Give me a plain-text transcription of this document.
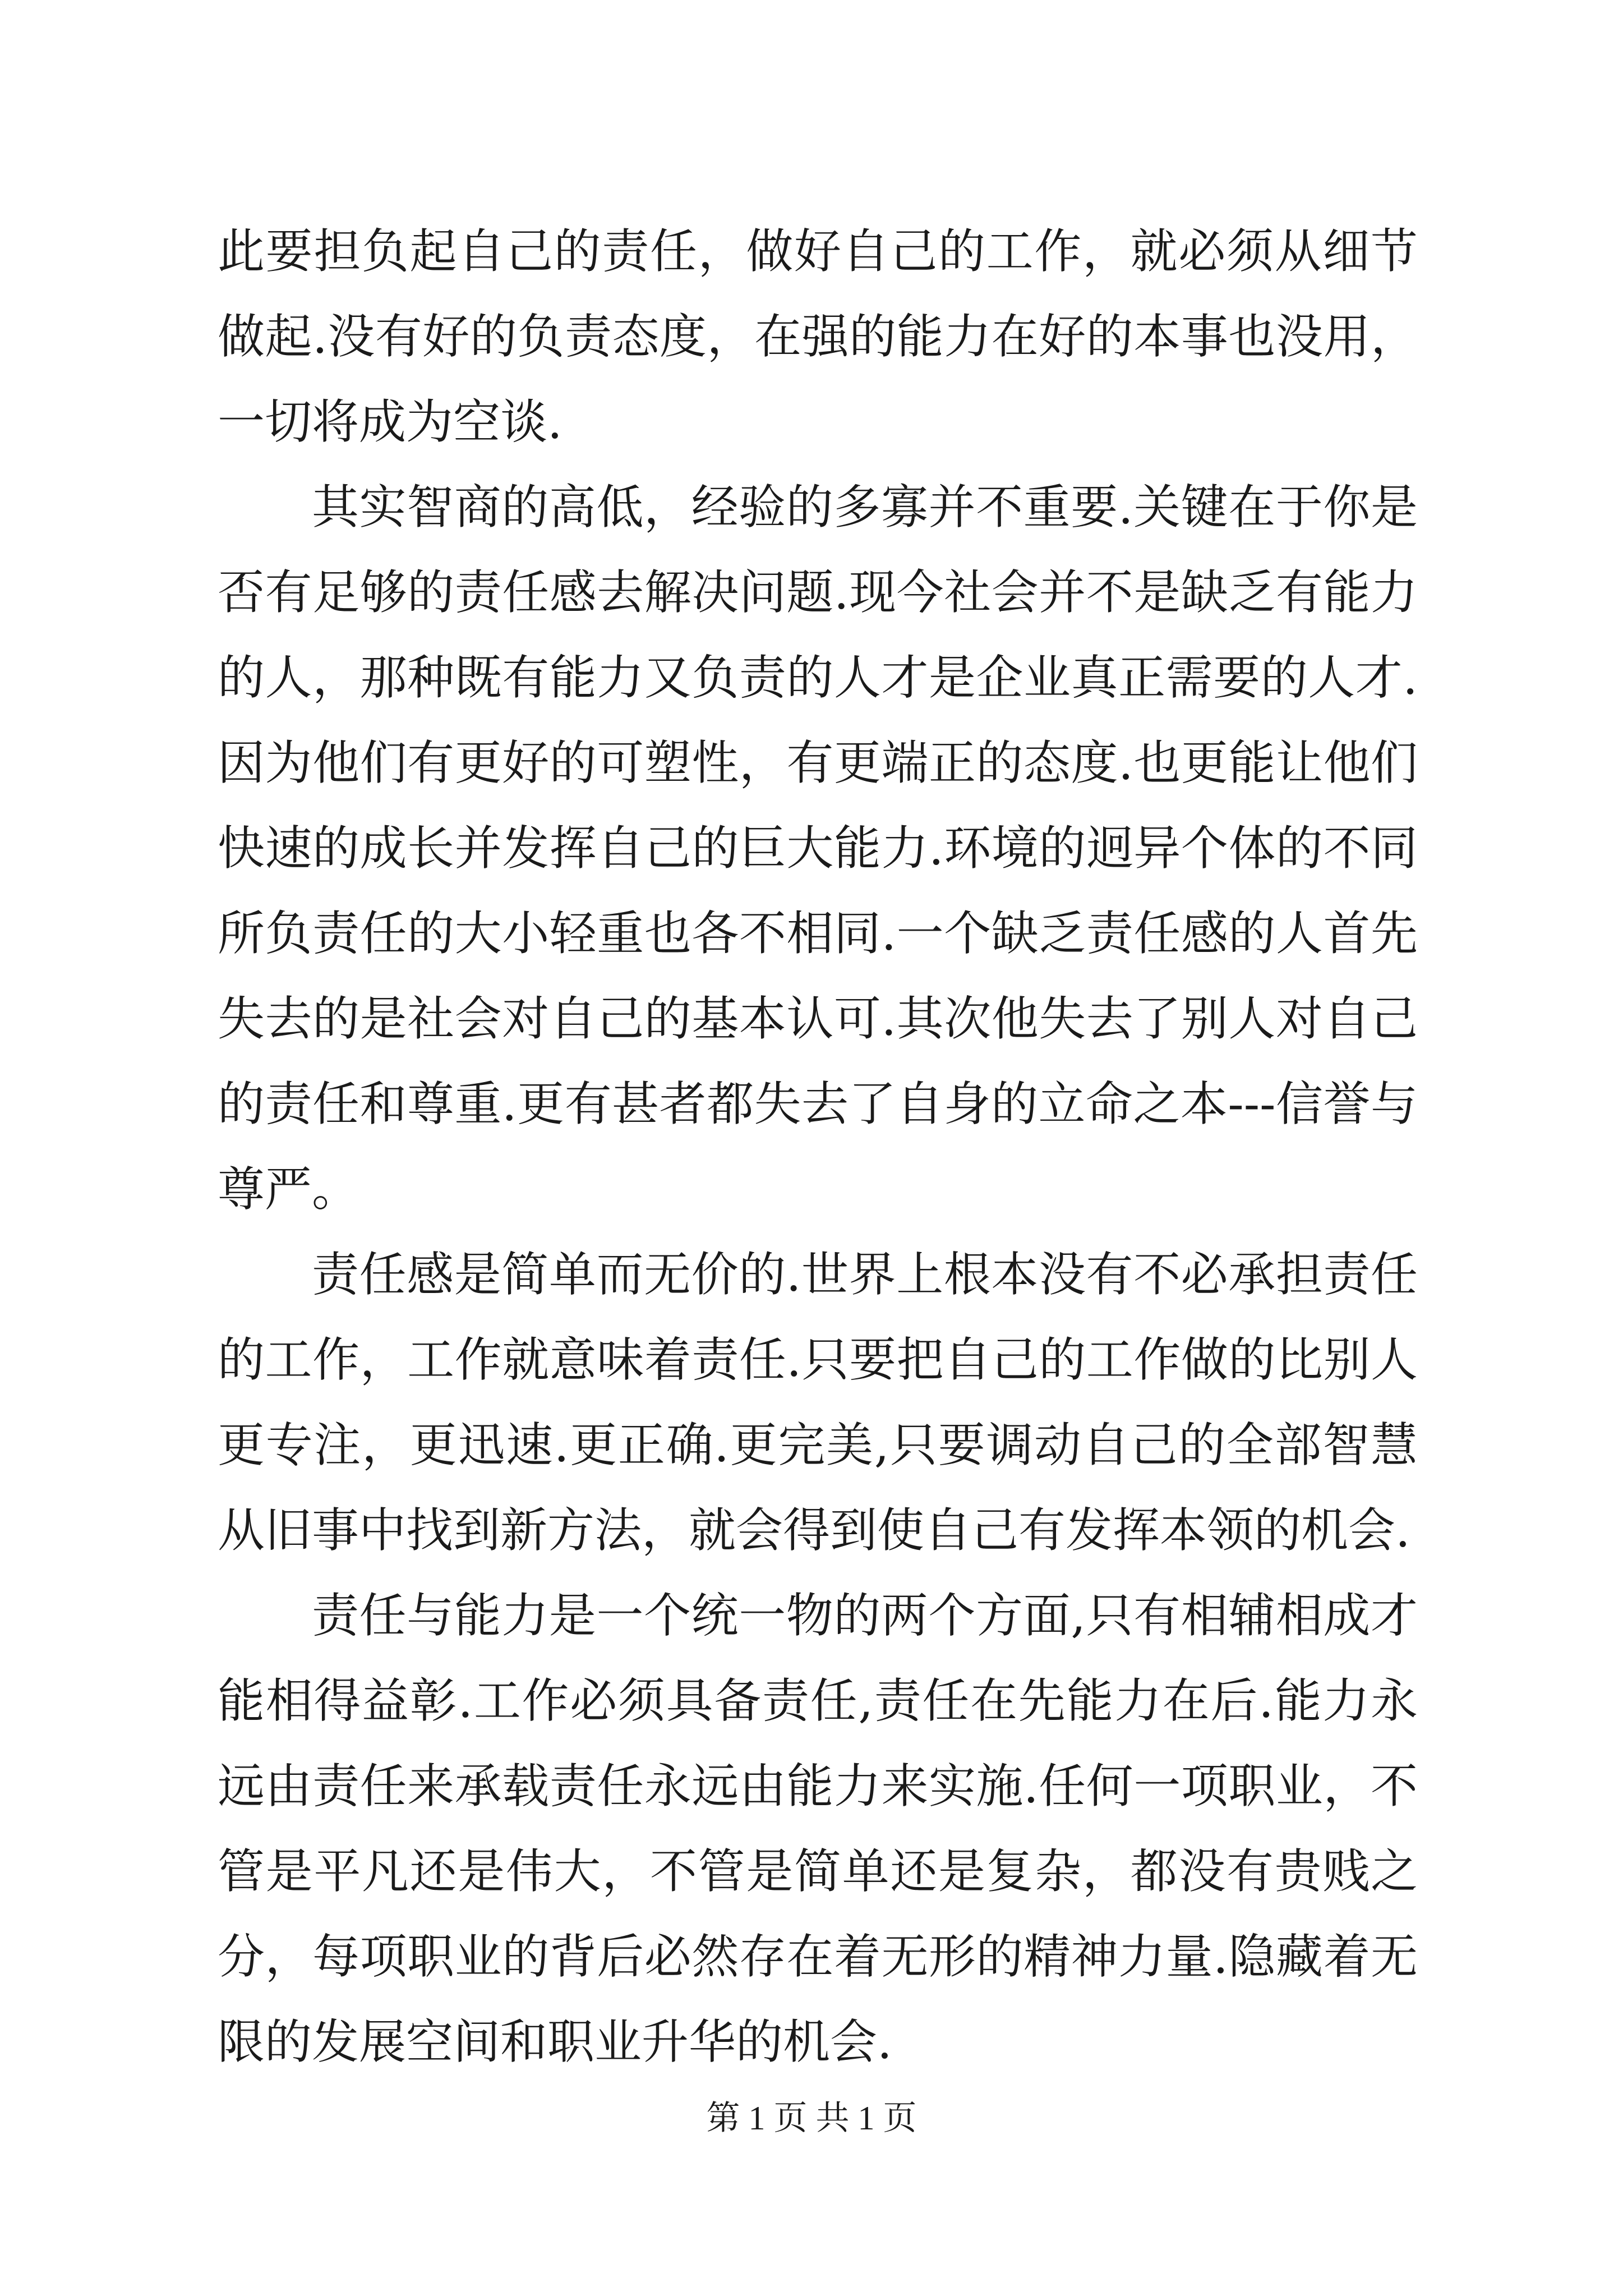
此要担负起自己的责任，做好自己的工作，就必须从细节做起.没有好的负责态度，在强的能力在好的本事也没用，一切将成为空谈.

其实智商的高低，经验的多寡并不重要.关键在于你是否有足够的责任感去解决问题.现今社会并不是缺乏有能力的人，那种既有能力又负责的人才是企业真正需要的人才.因为他们有更好的可塑性，有更端正的态度.也更能让他们快速的成长并发挥自己的巨大能力.环境的迥异个体的不同所负责任的大小轻重也各不相同.一个缺乏责任感的人首先失去的是社会对自己的基本认可.其次他失去了别人对自己的责任和尊重.更有甚者都失去了自身的立命之本---信誉与尊严。

责任感是简单而无价的.世界上根本没有不必承担责任的工作，工作就意味着责任.只要把自己的工作做的比别人更专注，更迅速.更正确.更完美,只要调动自己的全部智慧从旧事中找到新方法，就会得到使自己有发挥本领的机会.

责任与能力是一个统一物的两个方面,只有相辅相成才能相得益彰.工作必须具备责任,责任在先能力在后.能力永远由责任来承载责任永远由能力来实施.任何一项职业，不管是平凡还是伟大，不管是简单还是复杂，都没有贵贱之分，每项职业的背后必然存在着无形的精神力量.隐藏着无限的发展空间和职业升华的机会.

第 1 页 共 1 页
